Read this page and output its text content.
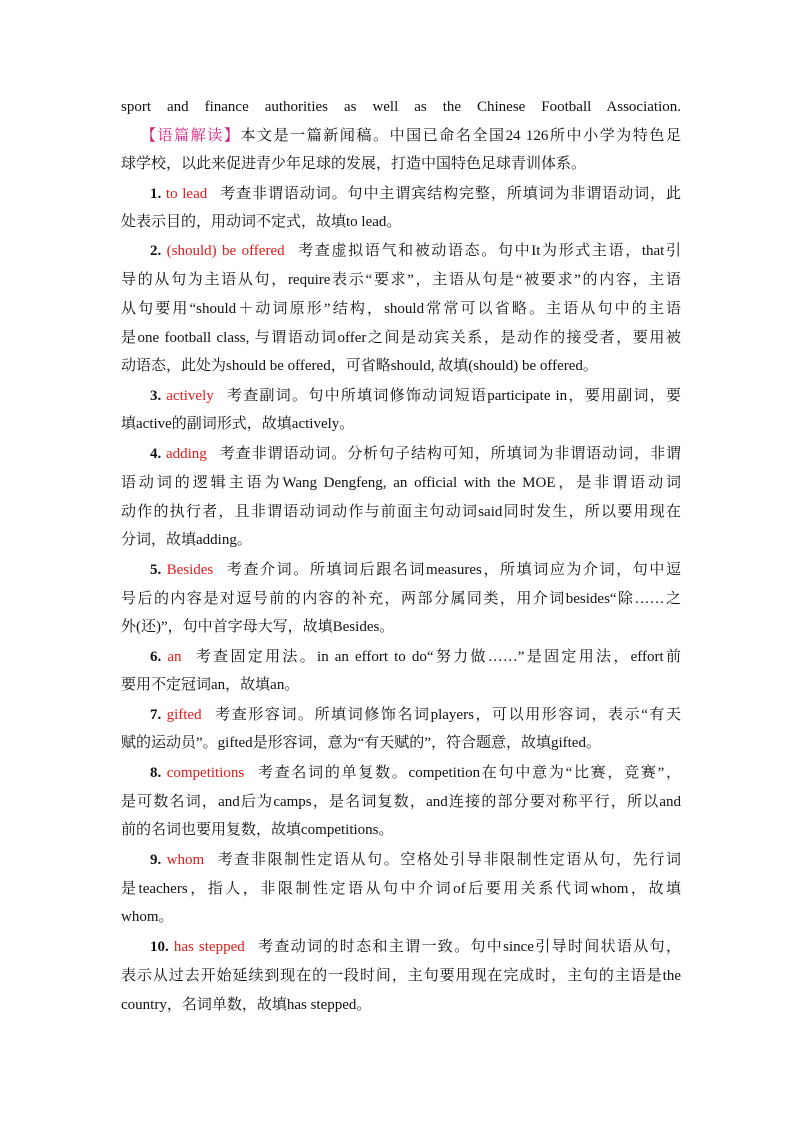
sport and finance authorities as well as the Chinese Football Association.
【语篇解读】本文是一篇新闻稿。中国已命名全国24 126所中小学为特色足
球学校，以此来促进青少年足球的发展，打造中国特色足球青训体系。
1. to lead 考查非谓语动词。句中主谓宾结构完整，所填词为非谓语动词，此
处表示目的，用动词不定式，故填to lead。
2. (should) be offered 考查虚拟语气和被动语态。句中It为形式主语，that引
导的从句为主语从句，require表示“要求”，主语从句是“被要求”的内容，主语
从句要用“should＋动词原形”结构，should常常可以省略。主语从句中的主语
是one football class, 与谓语动词offer之间是动宾关系，是动作的接受者，要用被
动语态，此处为should be offered，可省略should, 故填(should) be offered。
3. actively 考查副词。句中所填词修饰动词短语participate in，要用副词，要
填active的副词形式，故填actively。
4. adding 考查非谓语动词。分析句子结构可知，所填词为非谓语动词，非谓
语动词的逻辑主语为Wang Dengfeng, an official with the MOE，是非谓语动词
动作的执行者，且非谓语动词动作与前面主句动词said同时发生，所以要用现在
分词，故填adding。
5. Besides 考查介词。所填词后跟名词measures，所填词应为介词，句中逗
号后的内容是对逗号前的内容的补充，两部分属同类，用介词besides“除……之
外(还)”，句中首字母大写，故填Besides。
6. an 考查固定用法。in an effort to do“努力做……”是固定用法，effort前
要用不定冠词an，故填an。
7. gifted 考查形容词。所填词修饰名词players，可以用形容词，表示“有天
赋的运动员”。gifted是形容词，意为“有天赋的”，符合题意，故填gifted。
8. competitions 考查名词的单复数。competition在句中意为“比赛，竞赛”，
是可数名词，and后为camps，是名词复数，and连接的部分要对称平行，所以and
前的名词也要用复数，故填competitions。
9. whom 考查非限制性定语从句。空格处引导非限制性定语从句，先行词
是teachers，指人，非限制性定语从句中介词of后要用关系代词whom，故填
whom。
10. has stepped 考查动词的时态和主谓一致。句中since引导时间状语从句，
表示从过去开始延续到现在的一段时间，主句要用现在完成时，主句的主语是the
country，名词单数，故填has stepped。
